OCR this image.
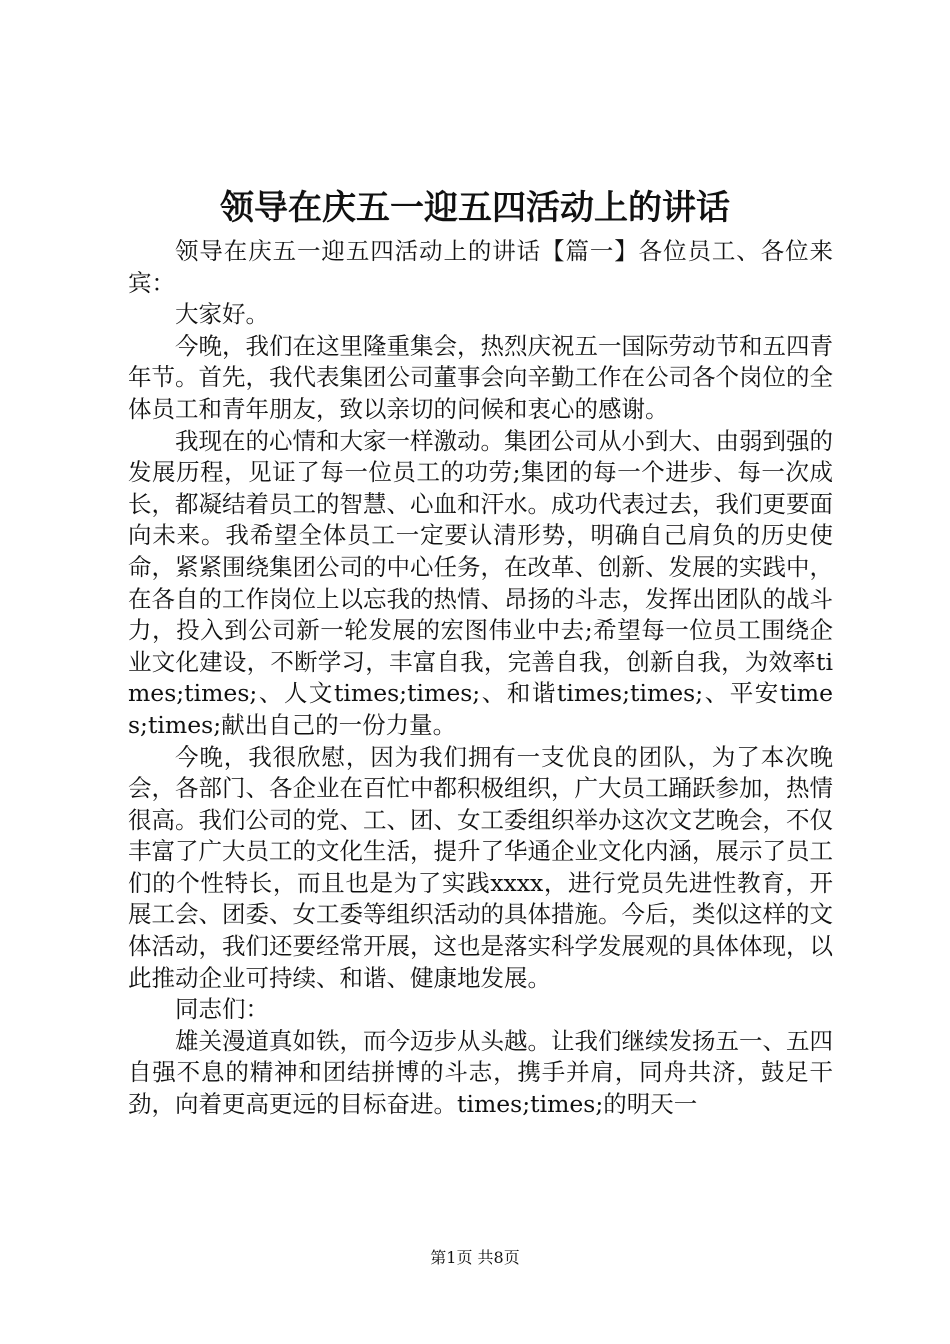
领导在庆五一迎五四活动上的讲话

领导在庆五一迎五四活动上的讲话【篇一】各位员工、各位来宾：

大家好。

今晚，我们在这里隆重集会，热烈庆祝五一国际劳动节和五四青年节。首先，我代表集团公司董事会向辛勤工作在公司各个岗位的全体员工和青年朋友，致以亲切的问候和衷心的感谢。

我现在的心情和大家一样激动。集团公司从小到大、由弱到强的发展历程，见证了每一位员工的功劳;集团的每一个进步、每一次成长，都凝结着员工的智慧、心血和汗水。成功代表过去，我们更要面向未来。我希望全体员工一定要认清形势，明确自己肩负的历史使命，紧紧围绕集团公司的中心任务，在改革、创新、发展的实践中，在各自的工作岗位上以忘我的热情、昂扬的斗志，发挥出团队的战斗力，投入到公司新一轮发展的宏图伟业中去;希望每一位员工围绕企业文化建设，不断学习，丰富自我，完善自我，创新自我，为效率times;times;、人文times;times;、和谐times;times;、平安times;times;献出自己的一份力量。

今晚，我很欣慰，因为我们拥有一支优良的团队，为了本次晚会，各部门、各企业在百忙中都积极组织，广大员工踊跃参加，热情很高。我们公司的党、工、团、女工委组织举办这次文艺晚会，不仅丰富了广大员工的文化生活，提升了华通企业文化内涵，展示了员工们的个性特长，而且也是为了实践xxxx，进行党员先进性教育，开展工会、团委、女工委等组织活动的具体措施。今后，类似这样的文体活动，我们还要经常开展，这也是落实科学发展观的具体体现，以此推动企业可持续、和谐、健康地发展。

同志们：

雄关漫道真如铁，而今迈步从头越。让我们继续发扬五一、五四自强不息的精神和团结拼博的斗志，携手并肩，同舟共济，鼓足干劲，向着更高更远的目标奋进。times;times;的明天一

第1页 共8页
